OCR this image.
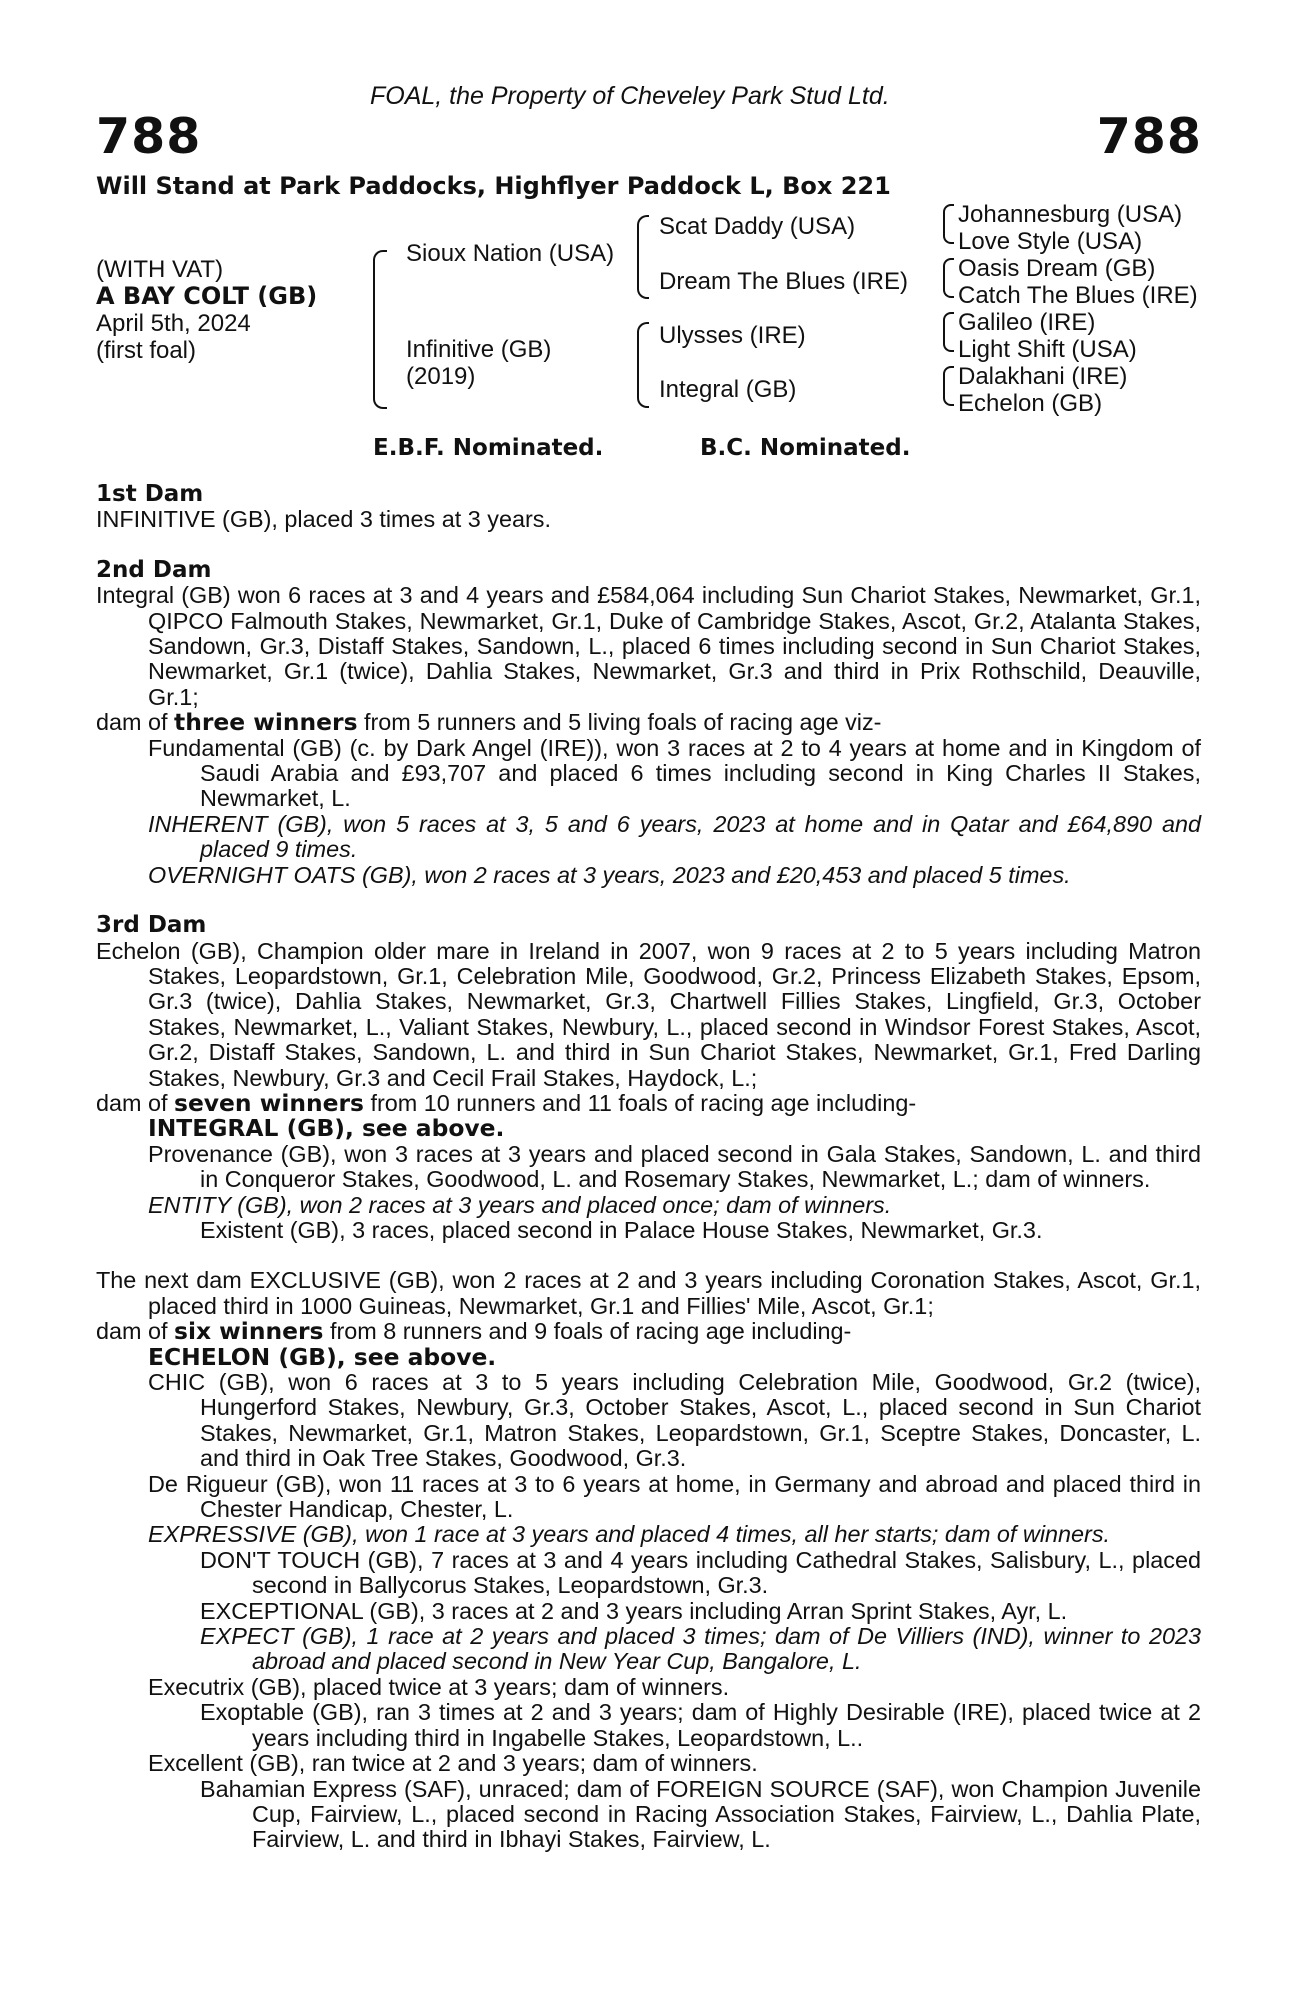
FOAL, the Property of Cheveley Park Stud Ltd.
788	788
Will Stand at Park Paddocks, Highflyer Paddock L, Box 221
(WITH VAT)
A BAY COLT (GB)
April 5th, 2024
(first foal)
Sioux Nation (USA)
Infinitive (GB)
(2019)
Scat Daddy (USA)
Dream The Blues (IRE)
Ulysses (IRE)
Integral (GB)
Johannesburg (USA)
Love Style (USA)
Oasis Dream (GB)
Catch The Blues (IRE)
Galileo (IRE)
Light Shift (USA)
Dalakhani (IRE)
Echelon (GB)
E.B.F. Nominated.	B.C. Nominated.
1st Dam

INFINITIVE (GB), placed 3 times at 3 years.

2nd Dam

Integral (GB) won 6 races at 3 and 4 years and £584,064 including Sun Chariot Stakes, Newmarket, Gr.1, QIPCO Falmouth Stakes, Newmarket, Gr.1, Duke of Cambridge Stakes, Ascot, Gr.2, Atalanta Stakes, Sandown, Gr.3, Distaff Stakes, Sandown, L., placed 6 times including second in Sun Chariot Stakes, Newmarket, Gr.1 (twice), Dahlia Stakes, Newmarket, Gr.3 and third in Prix Rothschild, Deauville, Gr.1;

dam of three winners from 5 runners and 5 living foals of racing age viz-

Fundamental (GB) (c. by Dark Angel (IRE)), won 3 races at 2 to 4 years at home and in Kingdom of Saudi Arabia and £93,707 and placed 6 times including second in King Charles II Stakes, Newmarket, L.

INHERENT (GB), won 5 races at 3, 5 and 6 years, 2023 at home and in Qatar and £64,890 and placed 9 times.

OVERNIGHT OATS (GB), won 2 races at 3 years, 2023 and £20,453 and placed 5 times.

3rd Dam

Echelon (GB), Champion older mare in Ireland in 2007, won 9 races at 2 to 5 years including Matron Stakes, Leopardstown, Gr.1, Celebration Mile, Goodwood, Gr.2, Princess Elizabeth Stakes, Epsom, Gr.3 (twice), Dahlia Stakes, Newmarket, Gr.3, Chartwell Fillies Stakes, Lingfield, Gr.3, October Stakes, Newmarket, L., Valiant Stakes, Newbury, L., placed second in Windsor Forest Stakes, Ascot, Gr.2, Distaff Stakes, Sandown, L. and third in Sun Chariot Stakes, Newmarket, Gr.1, Fred Darling Stakes, Newbury, Gr.3 and Cecil Frail Stakes, Haydock, L.;

dam of seven winners from 10 runners and 11 foals of racing age including-

INTEGRAL (GB), see above.

Provenance (GB), won 3 races at 3 years and placed second in Gala Stakes, Sandown, L. and third in Conqueror Stakes, Goodwood, L. and Rosemary Stakes, Newmarket, L.; dam of winners.

ENTITY (GB), won 2 races at 3 years and placed once; dam of winners.

Existent (GB), 3 races, placed second in Palace House Stakes, Newmarket, Gr.3.

The next dam EXCLUSIVE (GB), won 2 races at 2 and 3 years including Coronation Stakes, Ascot, Gr.1, placed third in 1000 Guineas, Newmarket, Gr.1 and Fillies' Mile, Ascot, Gr.1;

dam of six winners from 8 runners and 9 foals of racing age including-

ECHELON (GB), see above.

CHIC (GB), won 6 races at 3 to 5 years including Celebration Mile, Goodwood, Gr.2 (twice), Hungerford Stakes, Newbury, Gr.3, October Stakes, Ascot, L., placed second in Sun Chariot Stakes, Newmarket, Gr.1, Matron Stakes, Leopardstown, Gr.1, Sceptre Stakes, Doncaster, L. and third in Oak Tree Stakes, Goodwood, Gr.3.

De Rigueur (GB), won 11 races at 3 to 6 years at home, in Germany and abroad and placed third in Chester Handicap, Chester, L.

EXPRESSIVE (GB), won 1 race at 3 years and placed 4 times, all her starts; dam of winners.

DON'T TOUCH (GB), 7 races at 3 and 4 years including Cathedral Stakes, Salisbury, L., placed second in Ballycorus Stakes, Leopardstown, Gr.3.

EXCEPTIONAL (GB), 3 races at 2 and 3 years including Arran Sprint Stakes, Ayr, L.

EXPECT (GB), 1 race at 2 years and placed 3 times; dam of De Villiers (IND), winner to 2023 abroad and placed second in New Year Cup, Bangalore, L.

Executrix (GB), placed twice at 3 years; dam of winners.

Exoptable (GB), ran 3 times at 2 and 3 years; dam of Highly Desirable (IRE), placed twice at 2 years including third in Ingabelle Stakes, Leopardstown, L..

Excellent (GB), ran twice at 2 and 3 years; dam of winners.

Bahamian Express (SAF), unraced; dam of FOREIGN SOURCE (SAF), won Champion Juvenile Cup, Fairview, L., placed second in Racing Association Stakes, Fairview, L., Dahlia Plate, Fairview, L. and third in Ibhayi Stakes, Fairview, L.
